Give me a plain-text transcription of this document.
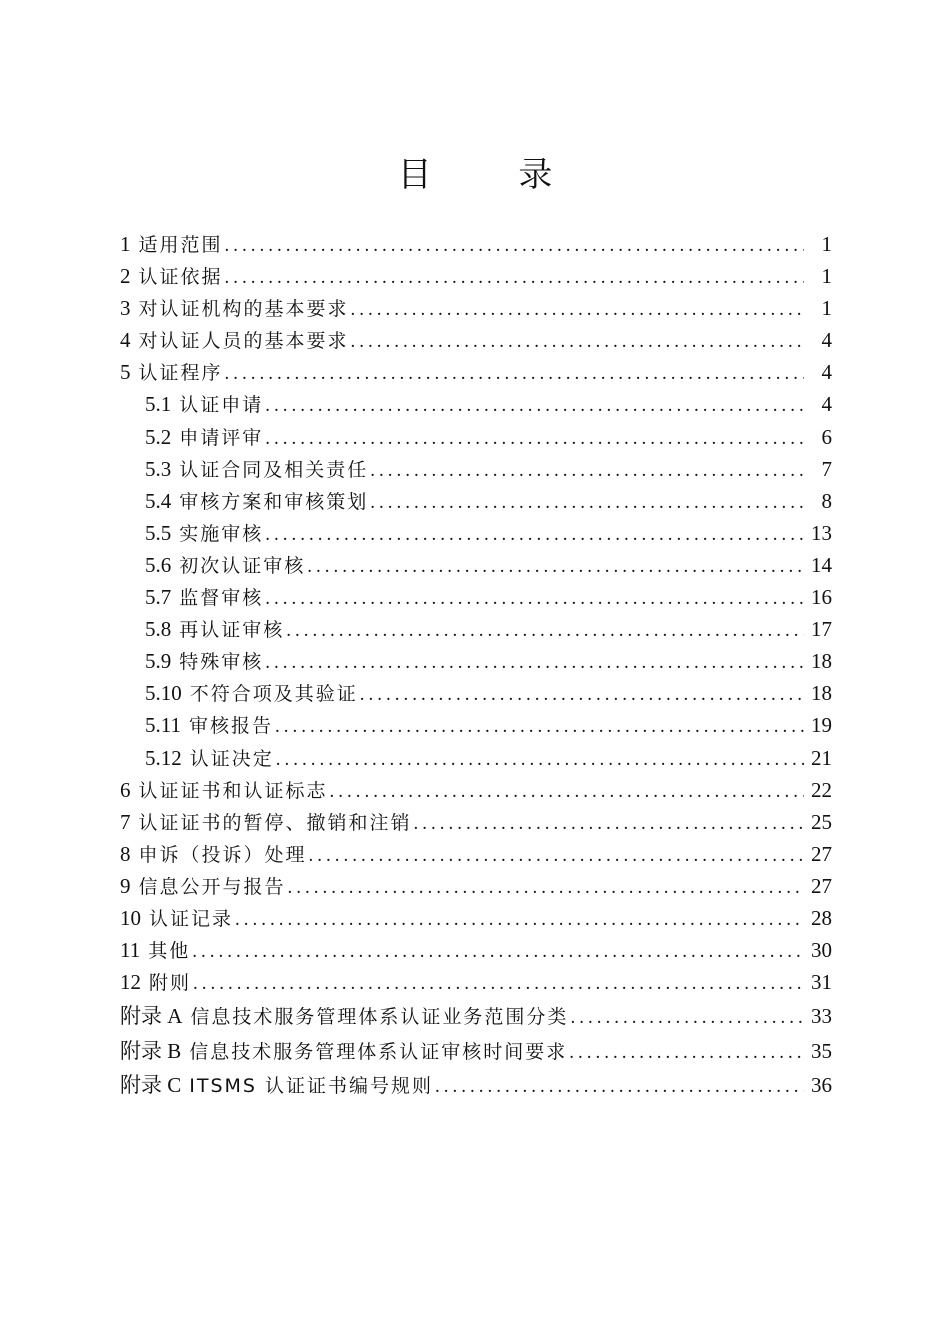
目 录
1 适用范围 .....	1
2 认证依据 .....	1
3 对认证机构的基本要求 .....	1
4 对认证人员的基本要求 .....	4
5 认证程序 .....	4
5.1 认证申请 .....	4
5.2 申请评审 .....	6
5.3 认证合同及相关责任 .....	7
5.4 审核方案和审核策划 .....	8
5.5 实施审核 .....	13
5.6 初次认证审核 .....	14
5.7 监督审核 .....	16
5.8 再认证审核 .....	17
5.9 特殊审核 .....	18
5.10 不符合项及其验证 .....	18
5.11 审核报告 .....	19
5.12 认证决定 .....	21
6 认证证书和认证标志 .....	22
7 认证证书的暂停、撤销和注销 .....	25
8 申诉（投诉）处理 .....	27
9 信息公开与报告 .....	27
10 认证记录 .....	28
11 其他 .....	30
12 附则 .....	31
附录 A 信息技术服务管理体系认证业务范围分类 .....	33
附录 B 信息技术服务管理体系认证审核时间要求 .....	35
附录 C ITSMS 认证证书编号规则 .....	36
